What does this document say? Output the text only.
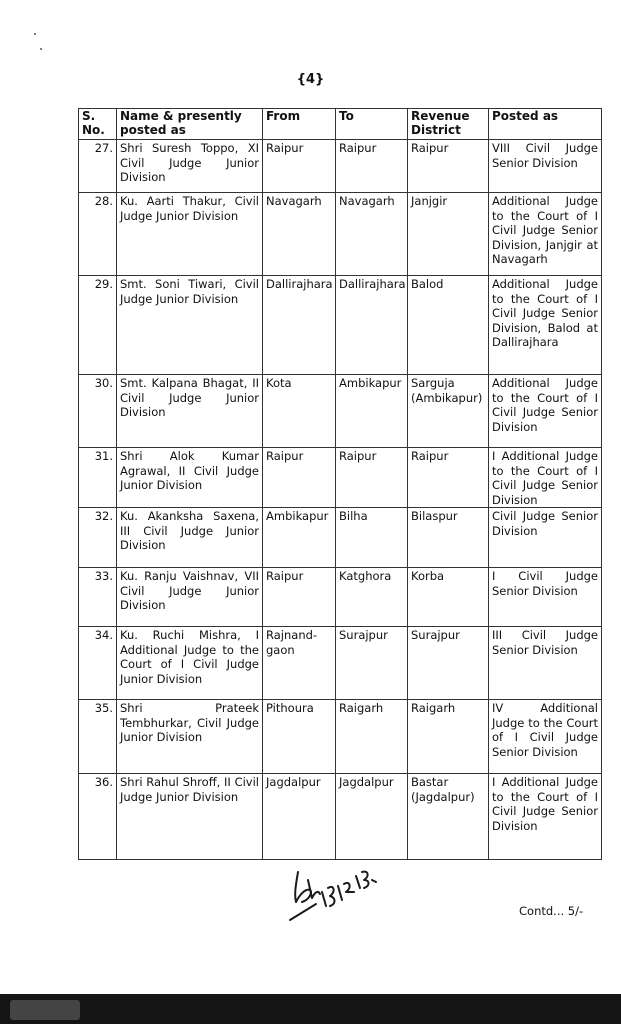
{4}
S. No.	Name & presently posted as	From	To	Revenue District	Posted as
27.	Shri Suresh Toppo, XI Civil Judge Junior Division	Raipur	Raipur	Raipur	VIII Civil Judge Senior Division
28.	Ku. Aarti Thakur, Civil Judge Junior Division	Navagarh	Navagarh	Janjgir	Additional Judge to the Court of I Civil Judge Senior Division, Janjgir at Navagarh
29.	Smt. Soni Tiwari, Civil Judge Junior Division	Dallirajhara	Dallirajhara	Balod	Additional Judge to the Court of I Civil Judge Senior Division, Balod at Dallirajhara
30.	Smt. Kalpana Bhagat, II Civil Judge Junior Division	Kota	Ambikapur	Sarguja (Ambikapur)	Additional Judge to the Court of I Civil Judge Senior Division
31.	Shri Alok Kumar Agrawal, II Civil Judge Junior Division	Raipur	Raipur	Raipur	I Additional Judge to the Court of I Civil Judge Senior Division
32.	Ku. Akanksha Saxena, III Civil Judge Junior Division	Ambikapur	Bilha	Bilaspur	Civil Judge Senior Division
33.	Ku. Ranju Vaishnav, VII Civil Judge Junior Division	Raipur	Katghora	Korba	I Civil Judge Senior Division
34.	Ku. Ruchi Mishra, I Additional Judge to the Court of I Civil Judge Junior Division	Rajnand-gaon	Surajpur	Surajpur	III Civil Judge Senior Division
35.	Shri Prateek Tembhurkar, Civil Judge Junior Division	Pithoura	Raigarh	Raigarh	IV Additional Judge to the Court of I Civil Judge Senior Division
36.	Shri Rahul Shroff, II Civil Judge Junior Division	Jagdalpur	Jagdalpur	Bastar (Jagdalpur)	I Additional Judge to the Court of I Civil Judge Senior Division
Contd... 5/-
